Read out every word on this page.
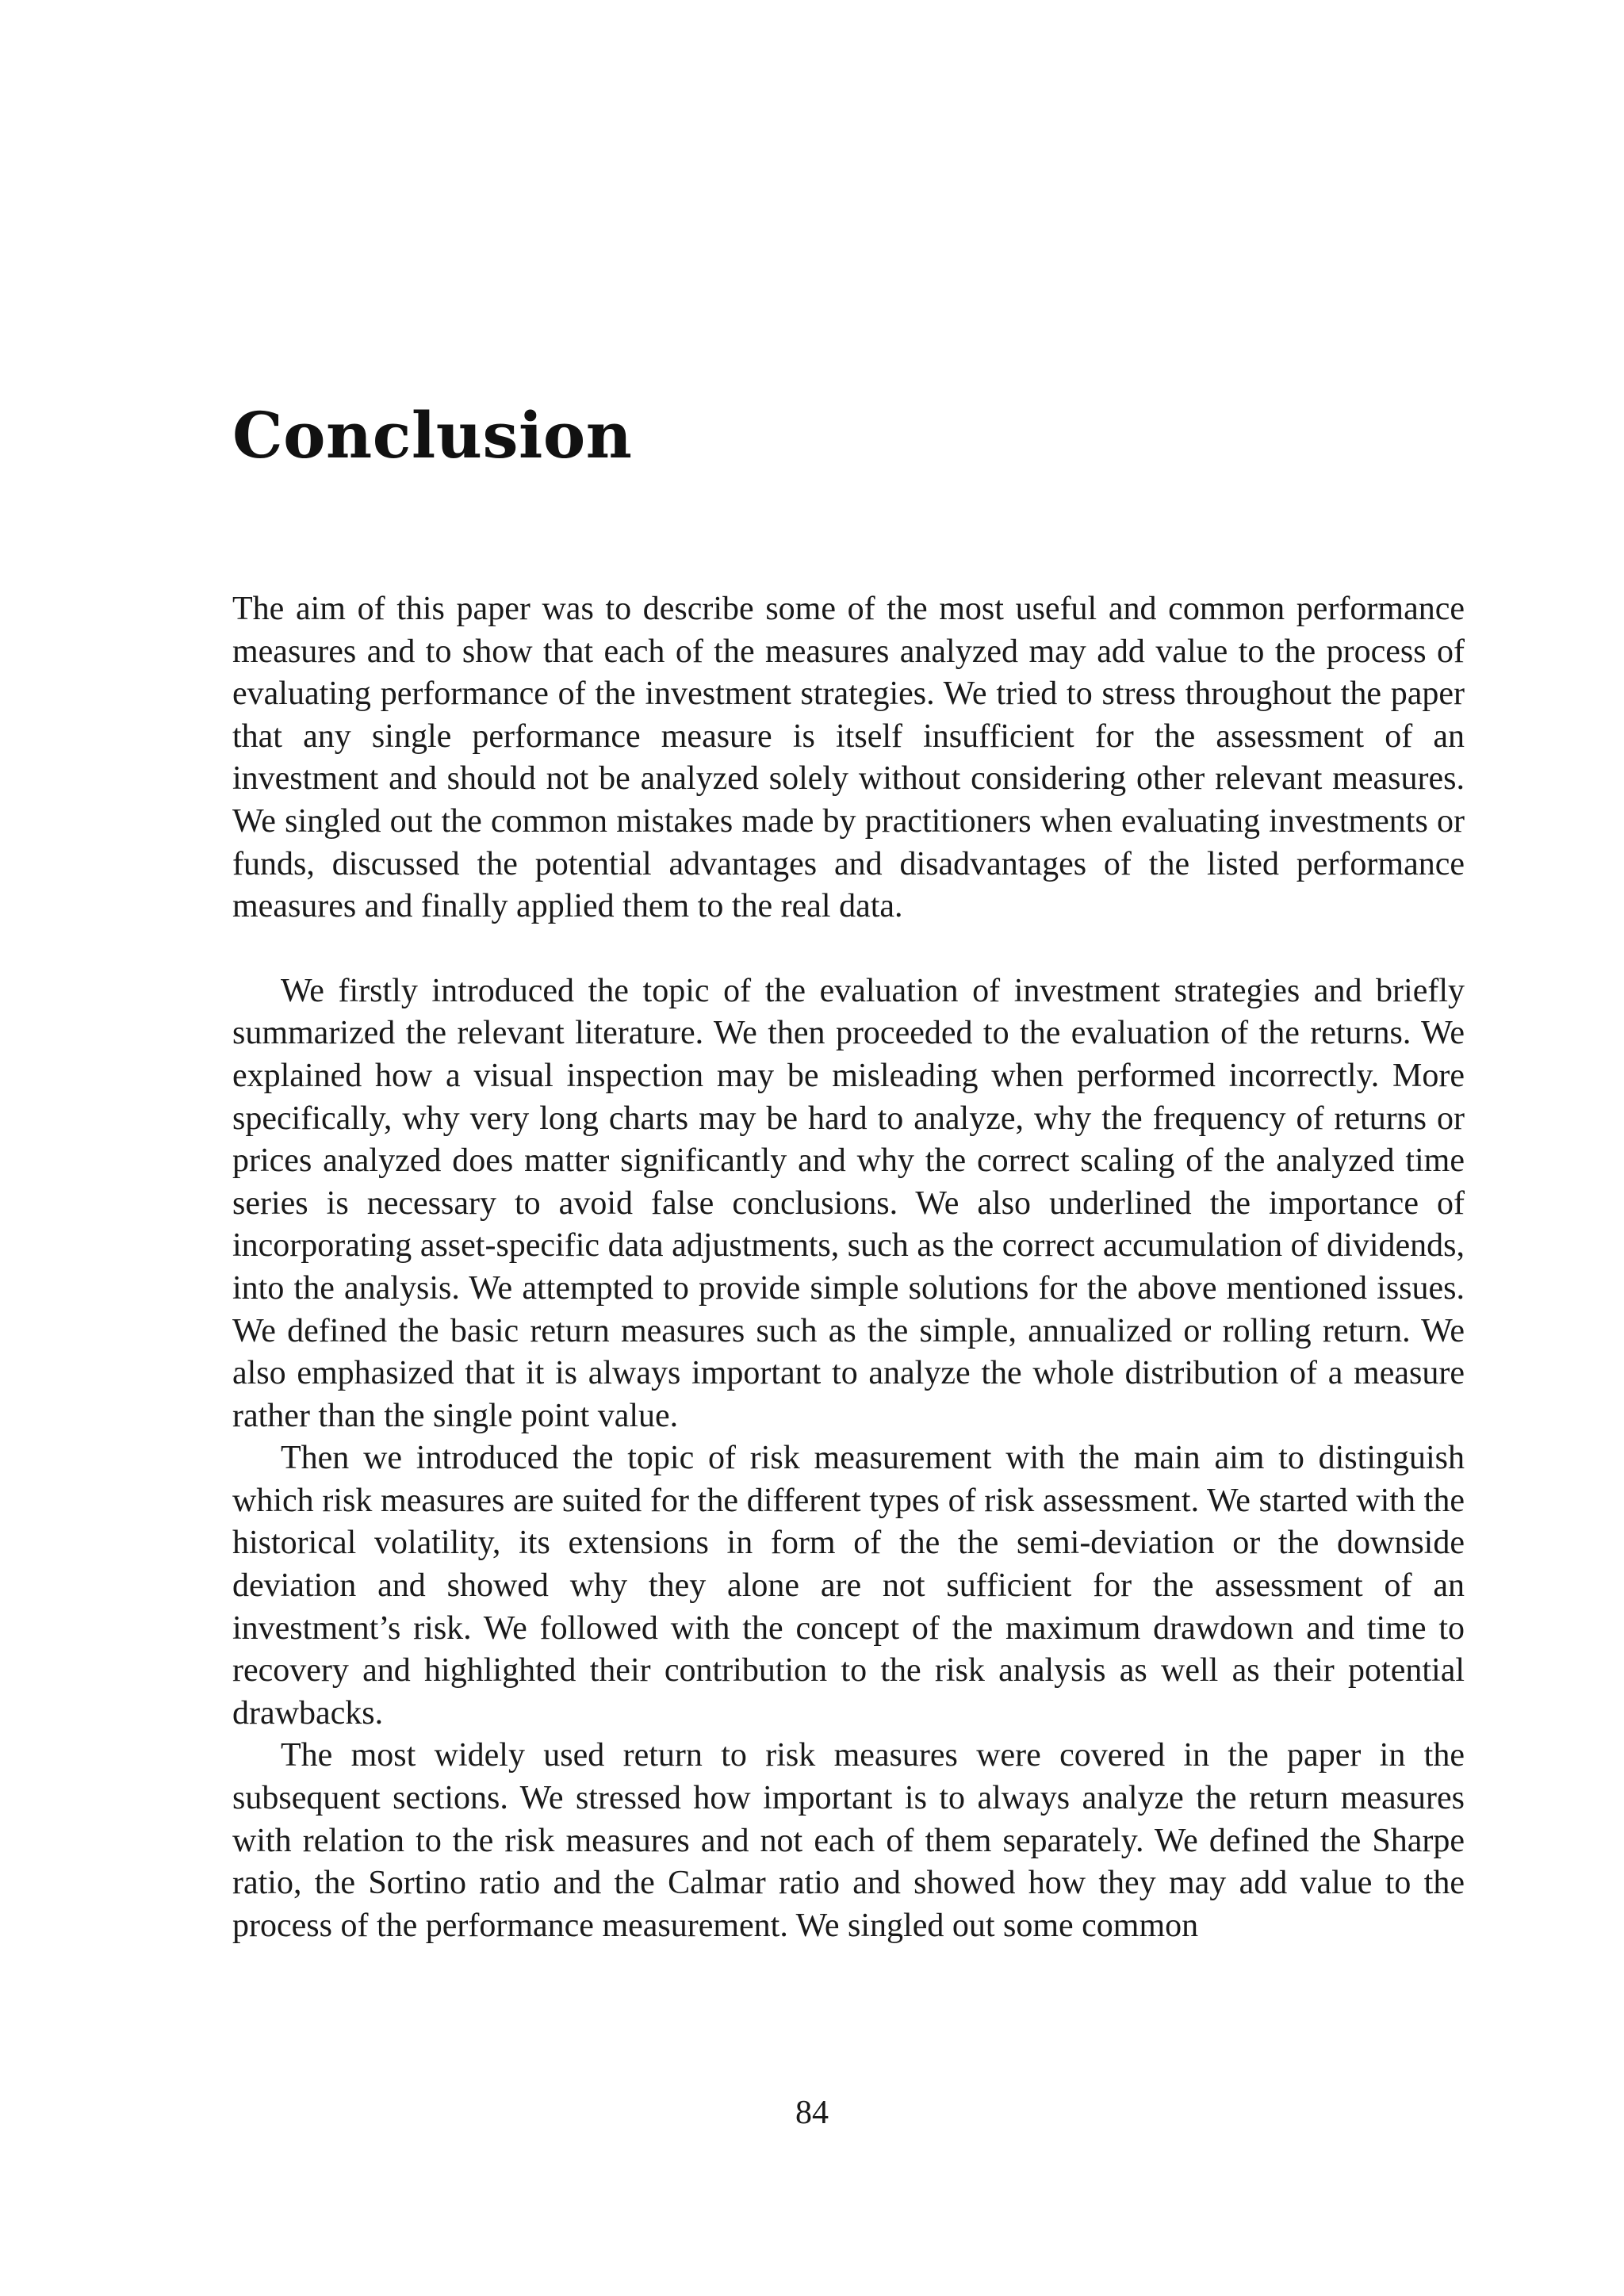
Conclusion

The aim of this paper was to describe some of the most useful and common performance measures and to show that each of the measures analyzed may add value to the process of evaluating performance of the investment strategies. We tried to stress throughout the paper that any single performance measure is itself insufficient for the assessment of an investment and should not be analyzed solely without considering other relevant measures. We singled out the common mistakes made by practitioners when evaluating investments or funds, discussed the potential advantages and disadvantages of the listed performance measures and finally applied them to the real data.

We firstly introduced the topic of the evaluation of investment strategies and briefly summarized the relevant literature. We then proceeded to the evaluation of the returns. We explained how a visual inspection may be misleading when performed incorrectly. More specifically, why very long charts may be hard to analyze, why the frequency of returns or prices analyzed does matter significantly and why the correct scaling of the analyzed time series is necessary to avoid false conclusions. We also underlined the importance of incorporating asset-specific data adjustments, such as the correct accumulation of dividends, into the analysis. We attempted to provide simple solutions for the above mentioned issues. We defined the basic return measures such as the simple, annualized or rolling return. We also emphasized that it is always important to analyze the whole distribution of a measure rather than the single point value.

Then we introduced the topic of risk measurement with the main aim to distinguish which risk measures are suited for the different types of risk assessment. We started with the historical volatility, its extensions in form of the the semi-deviation or the downside deviation and showed why they alone are not sufficient for the assessment of an investment’s risk. We followed with the concept of the maximum drawdown and time to recovery and highlighted their contribution to the risk analysis as well as their potential drawbacks.

The most widely used return to risk measures were covered in the paper in the subsequent sections. We stressed how important is to always analyze the return measures with relation to the risk measures and not each of them separately. We defined the Sharpe ratio, the Sortino ratio and the Calmar ratio and showed how they may add value to the process of the performance measurement. We singled out some common

84
